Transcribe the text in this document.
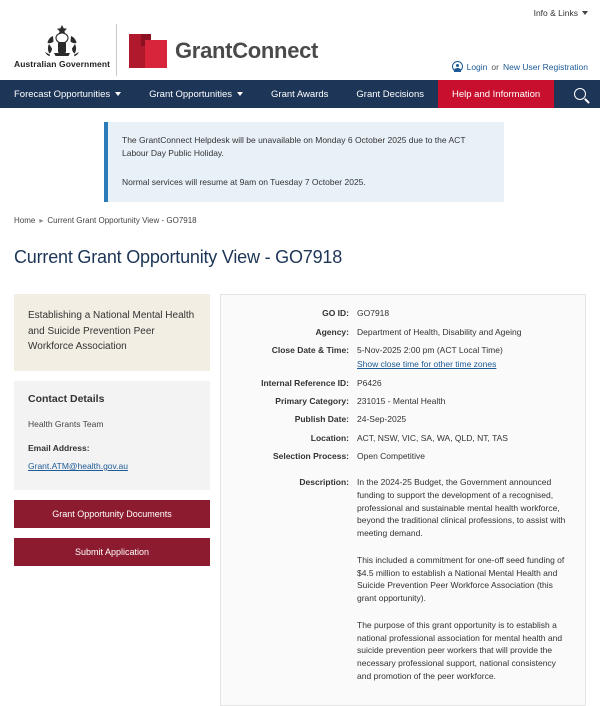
Info & Links
Australian Government
GrantConnect
Login or New User Registration
Forecast Opportunities	Grant Opportunities	Grant Awards	Grant Decisions	Help and Information

The GrantConnect Helpdesk will be unavailable on Monday 6 October 2025 due to the ACT Labour Day Public Holiday.

Normal services will resume at 9am on Tuesday 7 October 2025.

Home ▸ Current Grant Opportunity View - GO7918
Current Grant Opportunity View - GO7918
Establishing a National Mental Health and Suicide Prevention Peer Workforce Association
Contact Details
Health Grants Team
Email Address:
Grant.ATM@health.gov.au
Grant Opportunity Documents
Submit Application
GO ID: GO7918
Agency: Department of Health, Disability and Ageing
Close Date & Time: 5-Nov-2025 2:00 pm (ACT Local Time) Show close time for other time zones
Internal Reference ID: P6426
Primary Category: 231015 - Mental Health
Publish Date: 24-Sep-2025
Location: ACT, NSW, VIC, SA, WA, QLD, NT, TAS
Selection Process: Open Competitive
Description: In the 2024-25 Budget, the Government announced funding to support the development of a recognised, professional and sustainable mental health workforce, beyond the traditional clinical professions, to assist with meeting demand.

This included a commitment for one-off seed funding of $4.5 million to establish a National Mental Health and Suicide Prevention Peer Workforce Association (this grant opportunity).

The purpose of this grant opportunity is to establish a national professional association for mental health and suicide prevention peer workers that will provide the necessary professional support, national consistency and promotion of the peer workforce.
